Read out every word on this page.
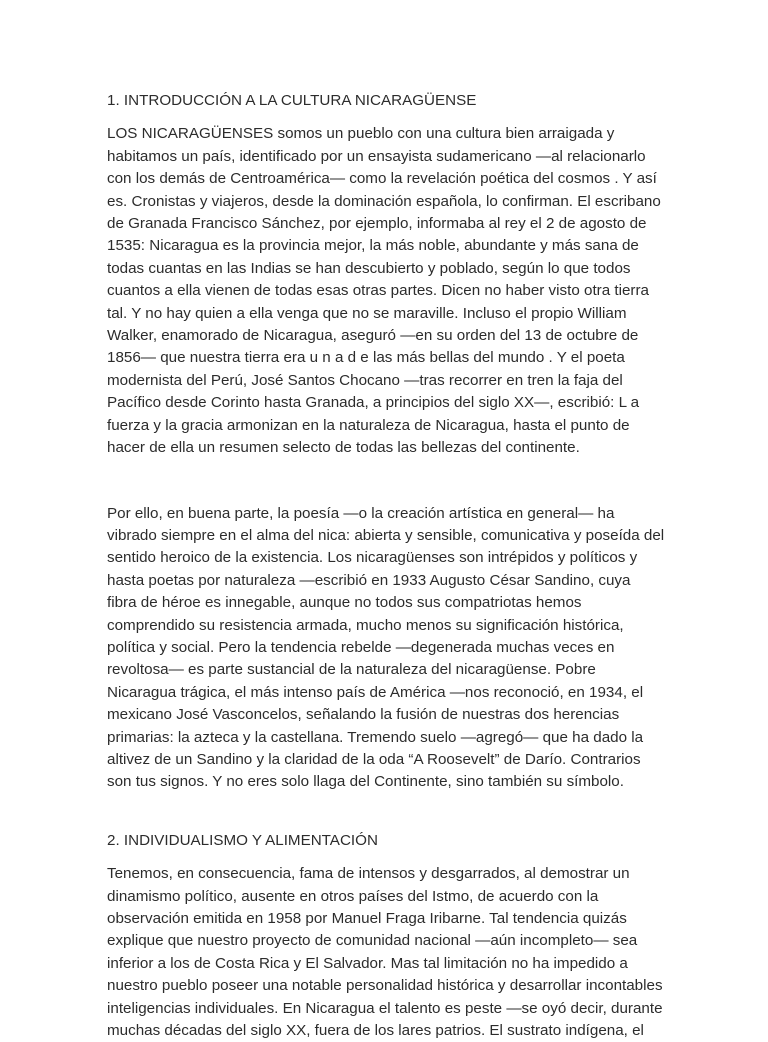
1. INTRODUCCIÓN A LA CULTURA NICARAGÜENSE

LOS NICARAGÜENSES somos un pueblo con una cultura bien arraigada y
habitamos un país, identificado por un ensayista sudamericano —al relacionarlo
con los demás de Centroamérica— como la revelación poética del cosmos . Y así
es. Cronistas y viajeros, desde la dominación española, lo confirman. El escribano
de Granada Francisco Sánchez, por ejemplo, informaba al rey el 2 de agosto de
1535: Nicaragua es la provincia mejor, la más noble, abundante y más sana de
todas cuantas en las Indias se han descubierto y poblado, según lo que todos
cuantos a ella vienen de todas esas otras partes. Dicen no haber visto otra tierra
tal. Y no hay quien a ella venga que no se maraville. Incluso el propio William
Walker, enamorado de Nicaragua, aseguró —en su orden del 13 de octubre de
1856— que nuestra tierra era u n a d e las más bellas del mundo . Y el poeta
modernista del Perú, José Santos Chocano —tras recorrer en tren la faja del
Pacífico desde Corinto hasta Granada, a principios del siglo XX—, escribió: L a
fuerza y la gracia armonizan en la naturaleza de Nicaragua, hasta el punto de
hacer de ella un resumen selecto de todas las bellezas del continente.

Por ello, en buena parte, la poesía —o la creación artística en general— ha
vibrado siempre en el alma del nica: abierta y sensible, comunicativa y poseída del
sentido heroico de la existencia. Los nicaragüenses son intrépidos y políticos y
hasta poetas por naturaleza —escribió en 1933 Augusto César Sandino, cuya
fibra de héroe es innegable, aunque no todos sus compatriotas hemos
comprendido su resistencia armada, mucho menos su significación histórica,
política y social. Pero la tendencia rebelde —degenerada muchas veces en
revoltosa— es parte sustancial de la naturaleza del nicaragüense. Pobre
Nicaragua trágica, el más intenso país de América —nos reconoció, en 1934, el
mexicano José Vasconcelos, señalando la fusión de nuestras dos herencias
primarias: la azteca y la castellana. Tremendo suelo —agregó— que ha dado la
altivez de un Sandino y la claridad de la oda “A Roosevelt” de Darío. Contrarios
son tus signos. Y no eres solo llaga del Continente, sino también su símbolo.

2. INDIVIDUALISMO Y ALIMENTACIÓN

Tenemos, en consecuencia, fama de intensos y desgarrados, al demostrar un
dinamismo político, ausente en otros países del Istmo, de acuerdo con la
observación emitida en 1958 por Manuel Fraga Iribarne. Tal tendencia quizás
explique que nuestro proyecto de comunidad nacional —aún incompleto— sea
inferior a los de Costa Rica y El Salvador. Mas tal limitación no ha impedido a
nuestro pueblo poseer una notable personalidad histórica y desarrollar incontables
inteligencias individuales. En Nicaragua el talento es peste —se oyó decir, durante
muchas décadas del siglo XX, fuera de los lares patrios. El sustrato indígena, el
